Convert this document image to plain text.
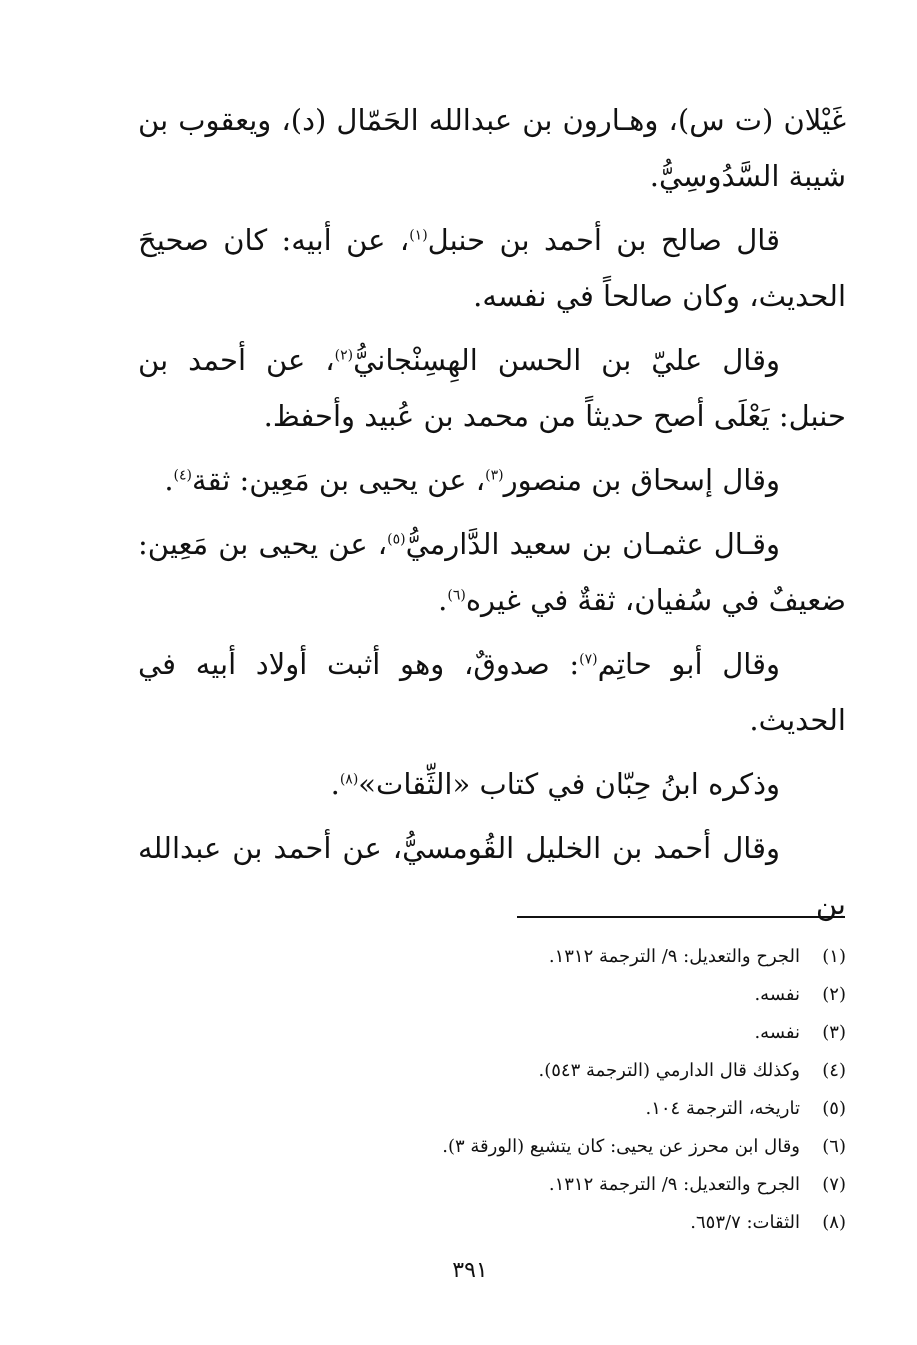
غَيْلان (ت س)، وهـارون بن عبدالله الحَمّال (د)، ويعقوب بن شيبة السَّدُوسِيُّ.

قال صالح بن أحمد بن حنبل$^{(١)}$، عن أبيه: كان صحيحَ الحديث، وكان صالحاً في نفسه.

وقال عليّ بن الحسن الهِسِنْجانيُّ$^{(٢)}$، عن أحمد بن حنبل: يَعْلَى أصح حديثاً من محمد بن عُبيد وأحفظ.

وقال إسحاق بن منصور$^{(٣)}$، عن يحيى بن مَعِين: ثقة$^{(٤)}$.

وقـال عثمـان بن سعيد الدَّارميُّ$^{(٥)}$، عن يحيى بن مَعِين: ضعيفٌ في سُفيان، ثقةٌ في غيره$^{(٦)}$.

وقال أبو حاتِم$^{(٧)}$: صدوقٌ، وهو أثبت أولاد أبيه في الحديث.

وذكره ابنُ حِبّان في كتاب «الثِّقات»$^{(٨)}$.

وقال أحمد بن الخليل القُومسيُّ، عن أحمد بن عبدالله بن

(١)
الجرح والتعديل: ٩/ الترجمة ١٣١٢.
(٢)
نفسه.
(٣)
نفسه.
(٤)
وكذلك قال الدارمي (الترجمة ٥٤٣).
(٥)
تاريخه، الترجمة ١٠٤.
(٦)
وقال ابن محرز عن يحيى: كان يتشيع (الورقة ٣).
(٧)
الجرح والتعديل: ٩/ الترجمة ١٣١٢.
(٨)
الثقات: ٦٥٣/٧.
٣٩١
